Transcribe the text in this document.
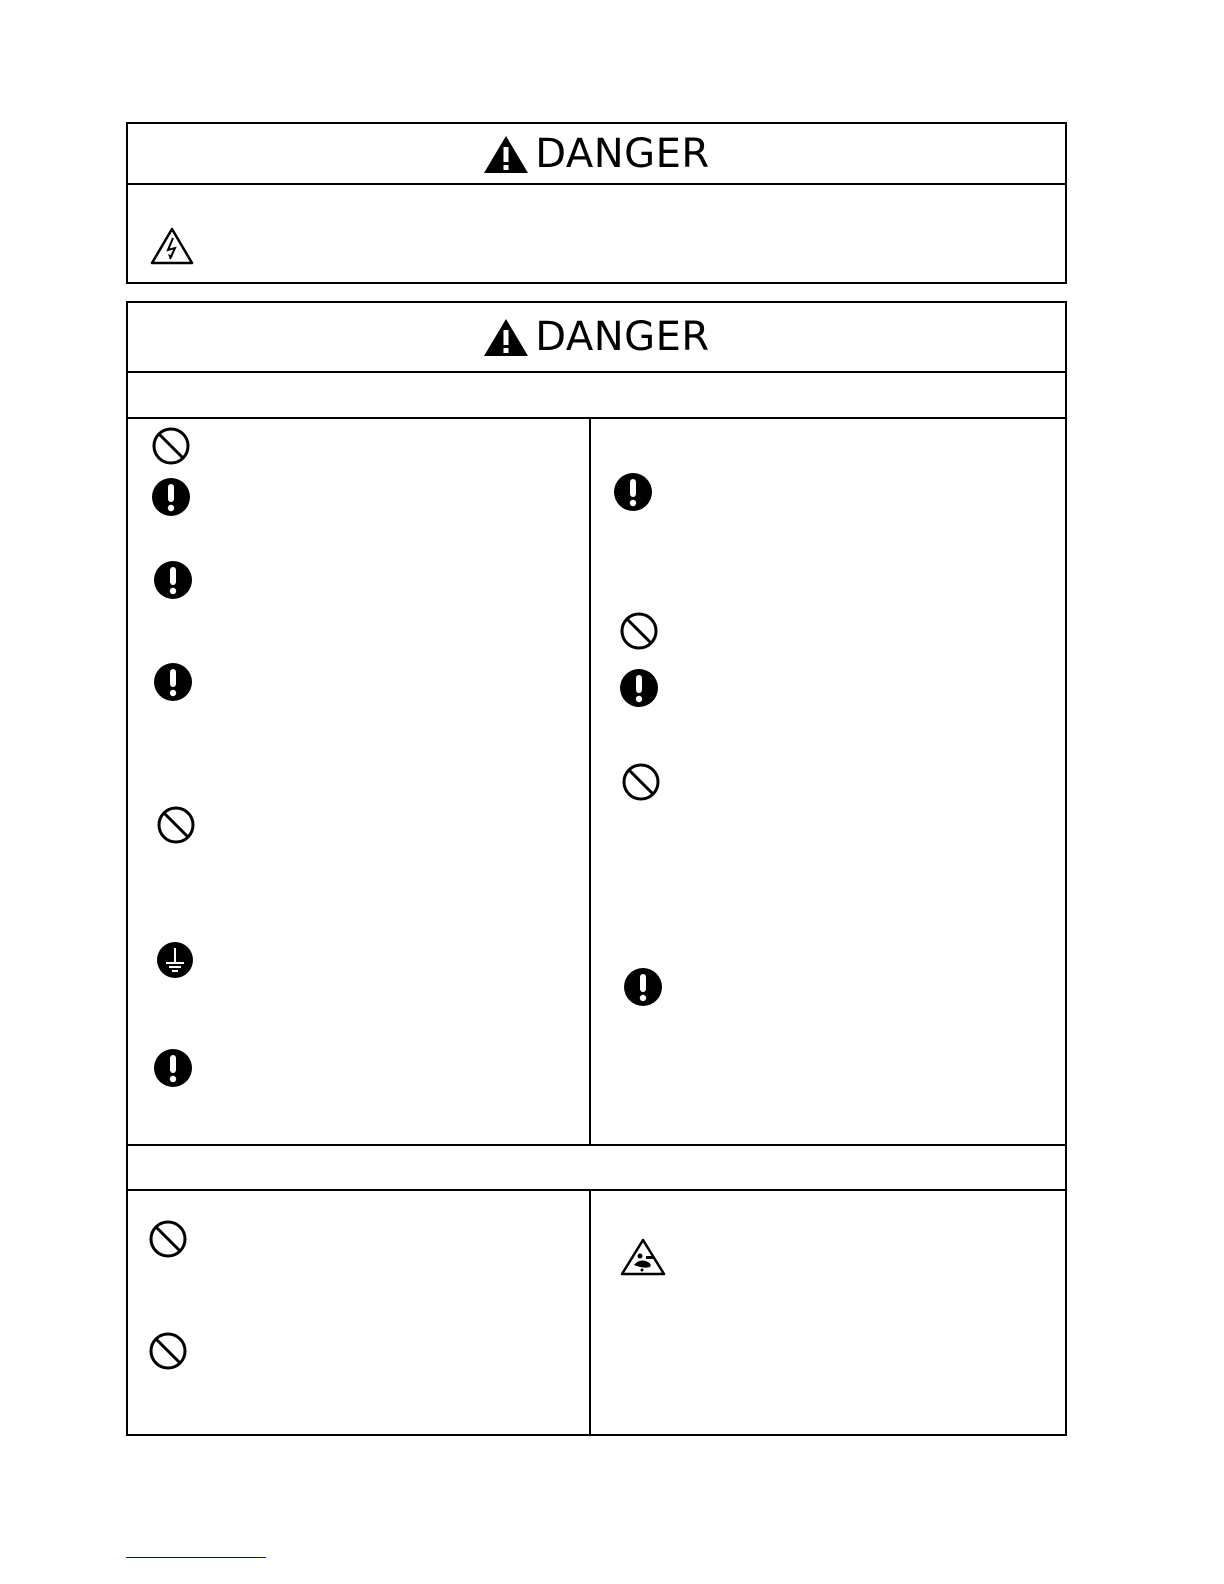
DANGER
DANGER
